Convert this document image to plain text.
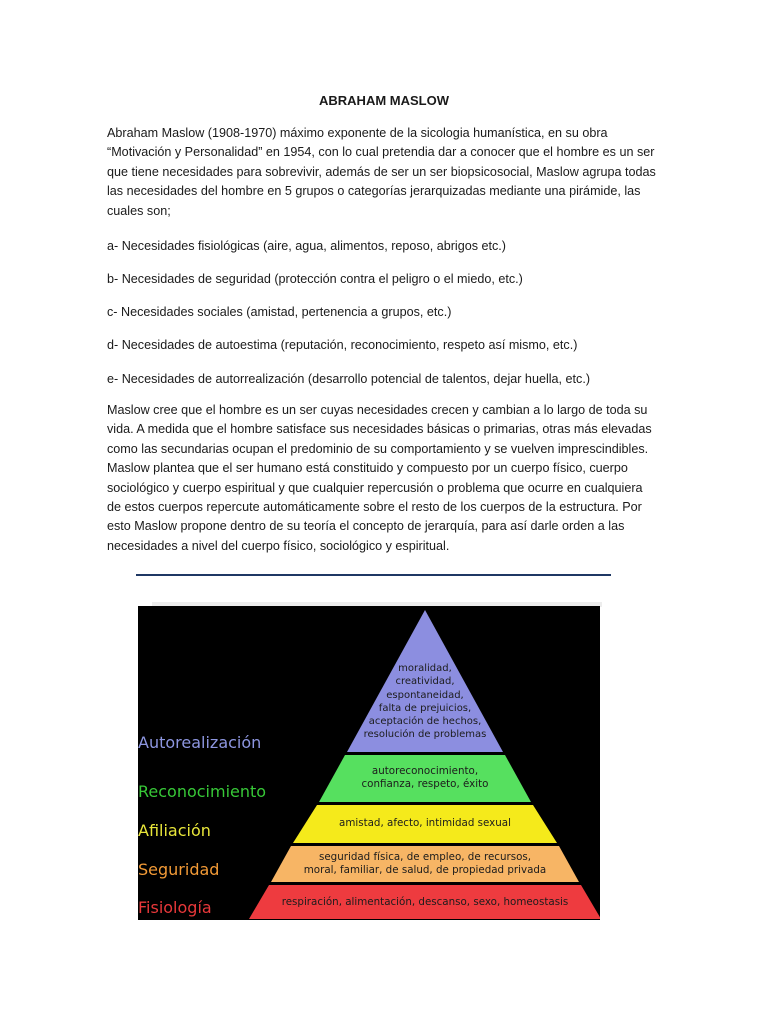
ABRAHAM MASLOW
Abraham Maslow (1908-1970) máximo exponente de la sicologia humanística, en su obra “Motivación y Personalidad” en 1954, con lo cual pretendia dar a conocer que el hombre es un ser que tiene necesidades para sobrevivir, además de ser un ser biopsicosocial, Maslow agrupa todas las necesidades del hombre en 5 grupos o categorías jerarquizadas mediante una pirámide, las cuales son;
a- Necesidades fisiológicas (aire, agua, alimentos, reposo, abrigos etc.)
b- Necesidades de seguridad (protección contra el peligro o el miedo, etc.)
c- Necesidades sociales (amistad, pertenencia a grupos, etc.)
d- Necesidades de autoestima (reputación, reconocimiento, respeto así mismo, etc.)
e- Necesidades de autorrealización (desarrollo potencial de talentos, dejar huella, etc.)
Maslow cree que el hombre es un ser cuyas necesidades crecen y cambian a lo largo de toda su vida. A medida que el hombre satisface sus necesidades básicas o primarias, otras más elevadas como las secundarias ocupan el predominio de su comportamiento y se vuelven imprescindibles. Maslow plantea que el ser humano está constituido y compuesto por un cuerpo físico, cuerpo sociológico y cuerpo espiritual y que cualquier repercusión o problema que ocurre en cualquiera de estos cuerpos repercute automáticamente sobre el resto de los cuerpos de la estructura. Por esto Maslow propone dentro de su teoría el concepto de jerarquía, para así darle orden a las necesidades a nivel del cuerpo físico, sociológico y espiritual.
Autorealización
Reconocimiento
Afiliación
Seguridad
Fisiología
moralidad,
creatividad,
espontaneidad,
falta de prejuicios,
aceptación de hechos,
resolución de problemas
autoreconocimiento,
confianza, respeto, éxito
amistad, afecto, intimidad sexual
seguridad física, de empleo, de recursos,
moral, familiar, de salud, de propiedad privada
respiración, alimentación, descanso, sexo, homeostasis
